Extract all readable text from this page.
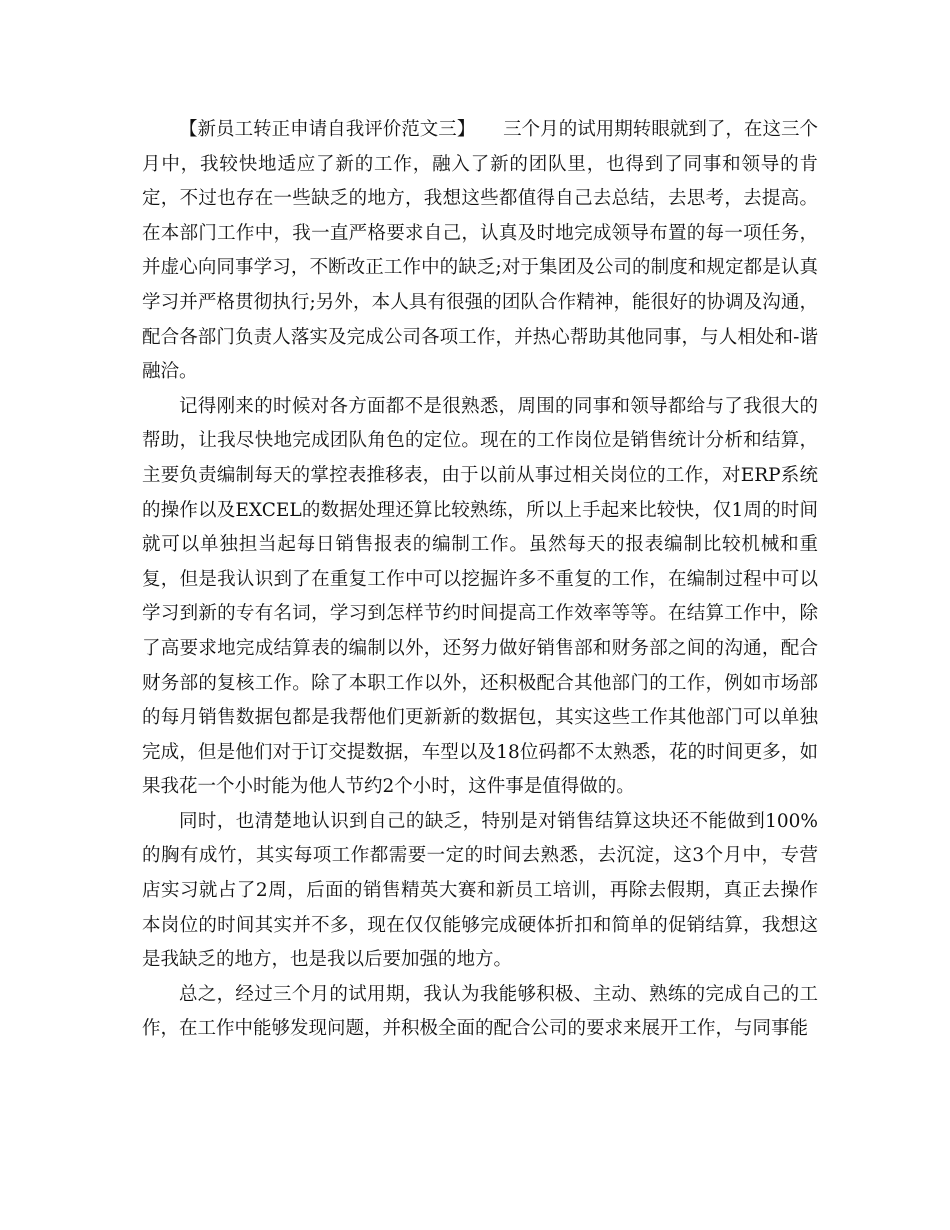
【新员工转正申请自我评价范文三】　　三个月的试用期转眼就到了，在这三个月中，我较快地适应了新的工作，融入了新的团队里，也得到了同事和领导的肯定，不过也存在一些缺乏的地方，我想这些都值得自己去总结，去思考，去提高。在本部门工作中，我一直严格要求自己，认真及时地完成领导布置的每一项任务，并虚心向同事学习，不断改正工作中的缺乏;对于集团及公司的制度和规定都是认真学习并严格贯彻执行;另外，本人具有很强的团队合作精神，能很好的协调及沟通，配合各部门负责人落实及完成公司各项工作，并热心帮助其他同事，与人相处和-谐融洽。

记得刚来的时候对各方面都不是很熟悉，周围的同事和领导都给与了我很大的帮助，让我尽快地完成团队角色的定位。现在的工作岗位是销售统计分析和结算，主要负责编制每天的掌控表推移表，由于以前从事过相关岗位的工作，对ERP系统的操作以及EXCEL的数据处理还算比较熟练，所以上手起来比较快，仅1周的时间就可以单独担当起每日销售报表的编制工作。虽然每天的报表编制比较机械和重复，但是我认识到了在重复工作中可以挖掘许多不重复的工作，在编制过程中可以学习到新的专有名词，学习到怎样节约时间提高工作效率等等。在结算工作中，除了高要求地完成结算表的编制以外，还努力做好销售部和财务部之间的沟通，配合财务部的复核工作。除了本职工作以外，还积极配合其他部门的工作，例如市场部的每月销售数据包都是我帮他们更新新的数据包，其实这些工作其他部门可以单独完成，但是他们对于订交提数据，车型以及18位码都不太熟悉，花的时间更多，如果我花一个小时能为他人节约2个小时，这件事是值得做的。

同时，也清楚地认识到自己的缺乏，特别是对销售结算这块还不能做到100%的胸有成竹，其实每项工作都需要一定的时间去熟悉，去沉淀，这3个月中，专营店实习就占了2周，后面的销售精英大赛和新员工培训，再除去假期，真正去操作本岗位的时间其实并不多，现在仅仅能够完成硬体折扣和简单的促销结算，我想这是我缺乏的地方，也是我以后要加强的地方。

总之，经过三个月的试用期，我认为我能够积极、主动、熟练的完成自己的工作，在工作中能够发现问题，并积极全面的配合公司的要求来展开工作，与同事能
